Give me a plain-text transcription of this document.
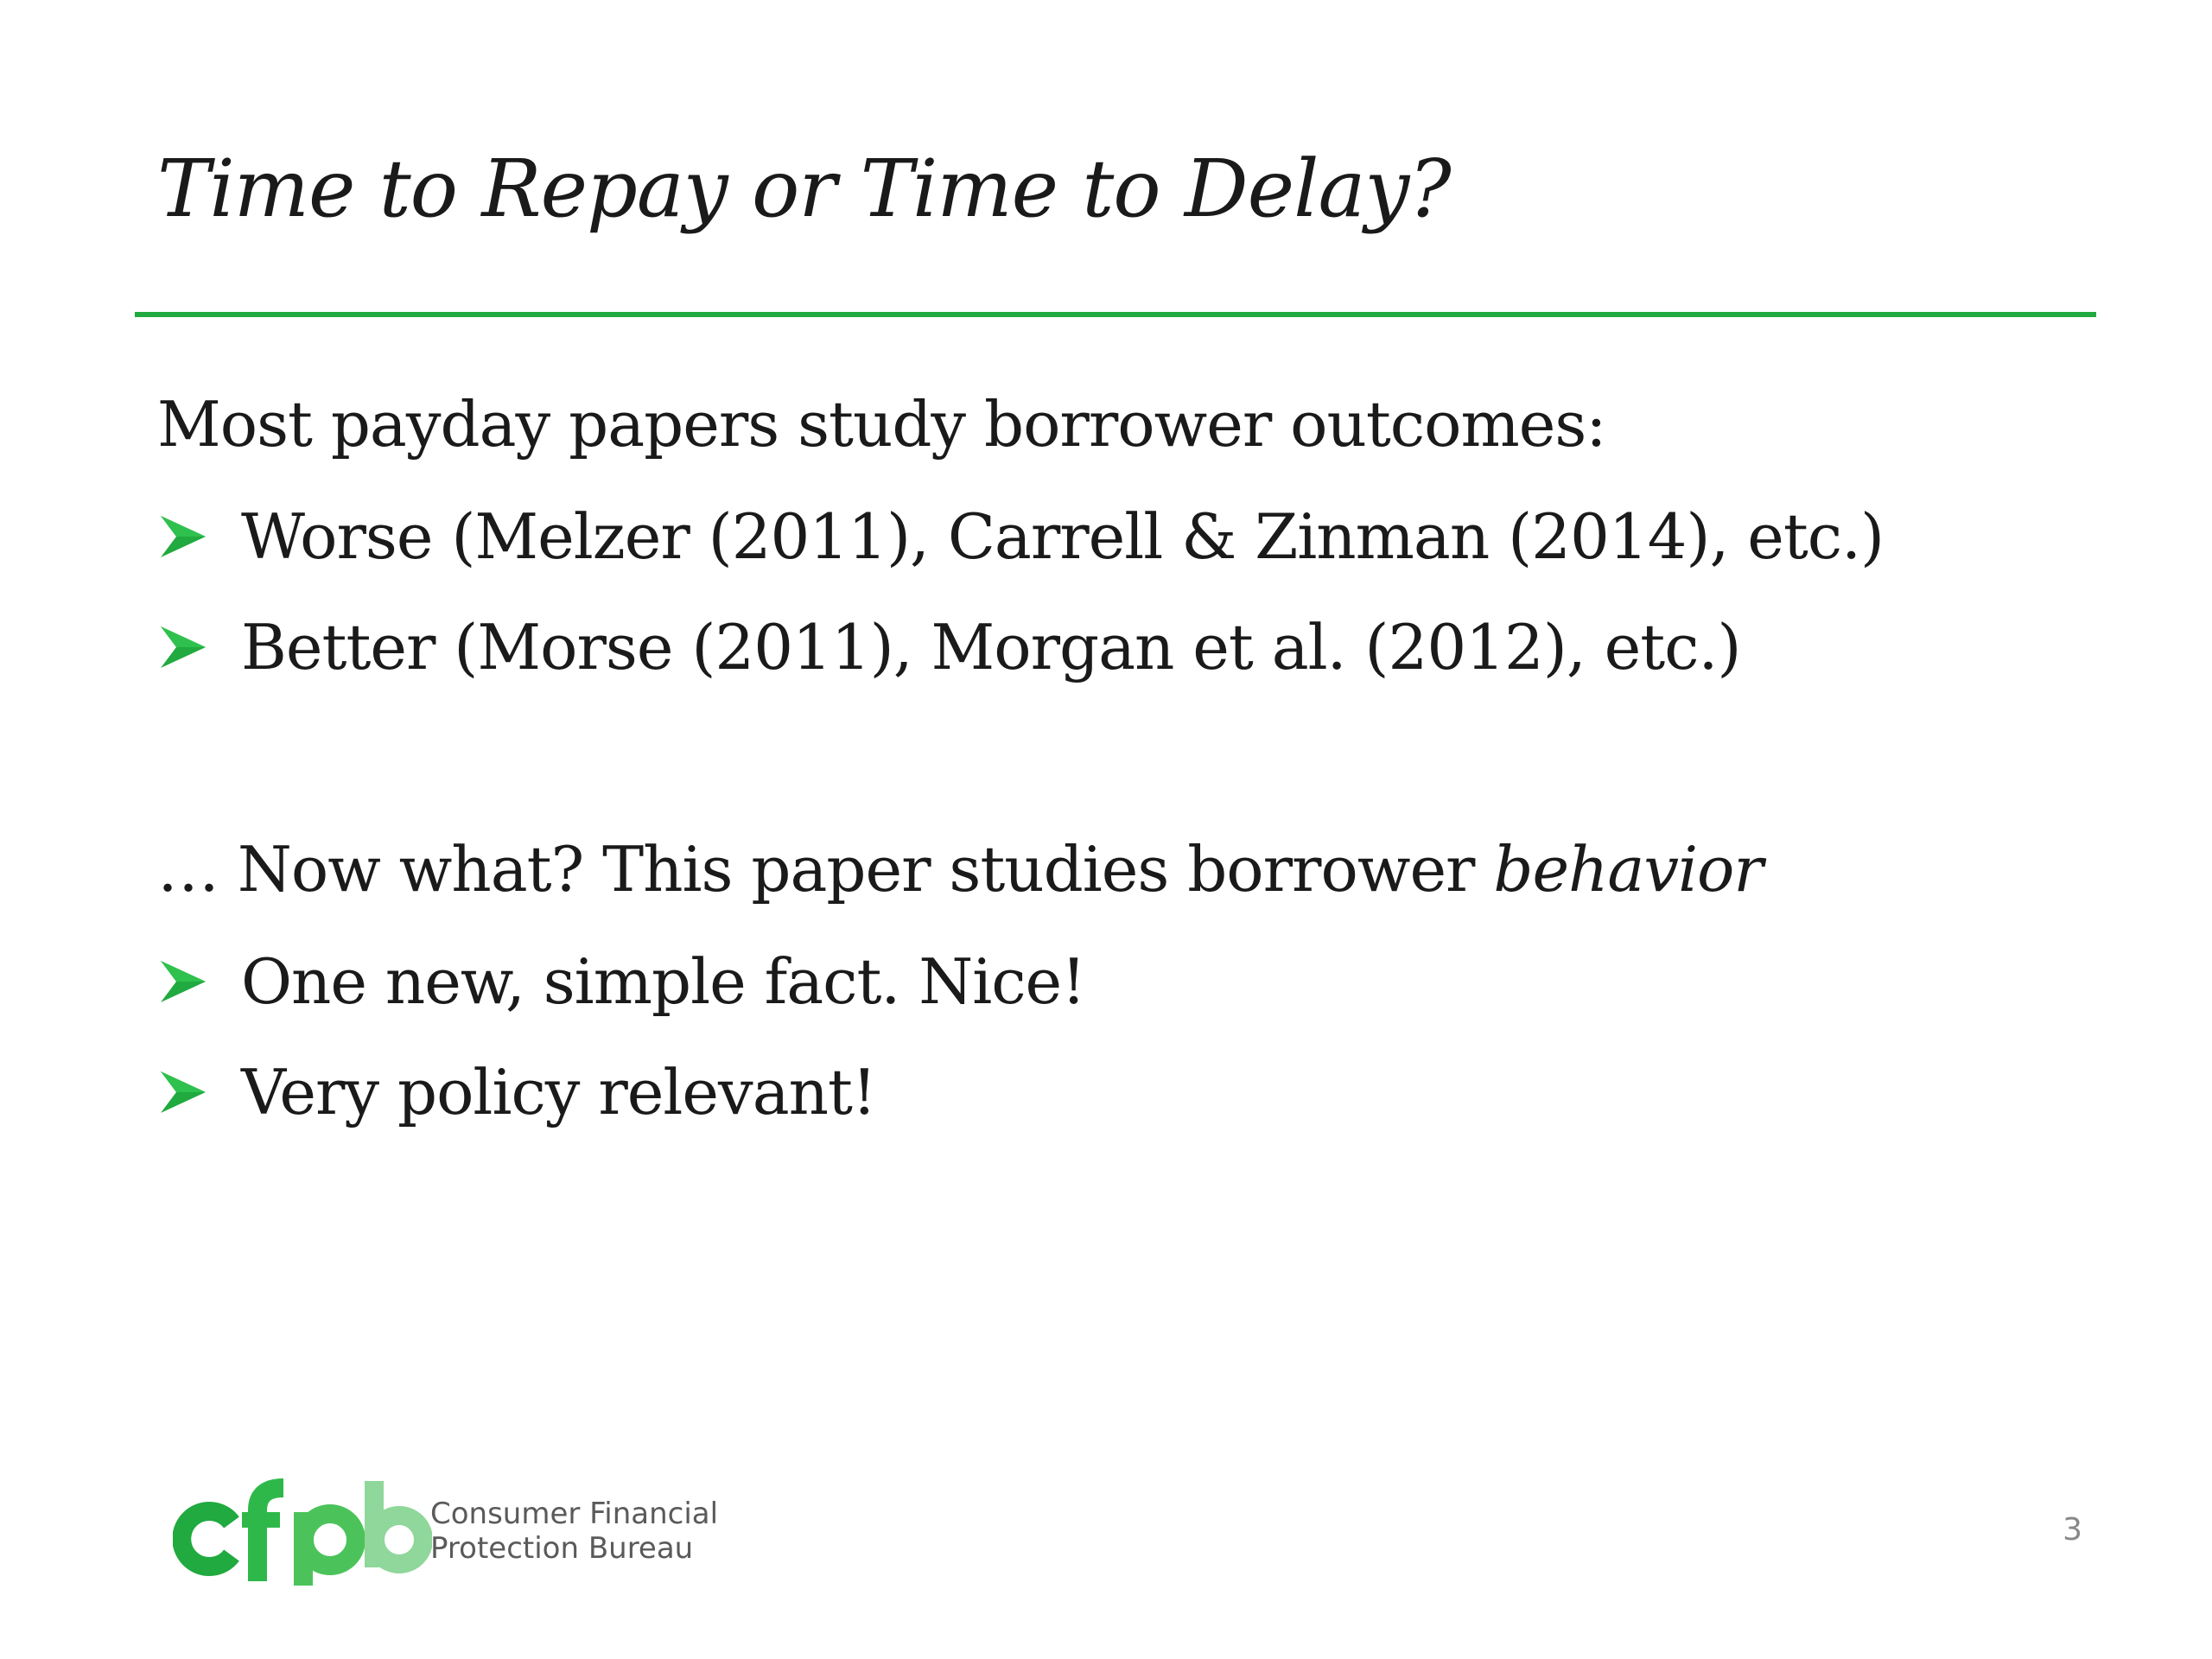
Time to Repay or Time to Delay?
Most payday papers study borrower outcomes:
Worse (Melzer (2011), Carrell & Zinman (2014), etc.)
Better (Morse (2011), Morgan et al. (2012), etc.)
… Now what? This paper studies borrower behavior
One new, simple fact. Nice!
Very policy relevant!
Consumer Financial
Protection Bureau
3
